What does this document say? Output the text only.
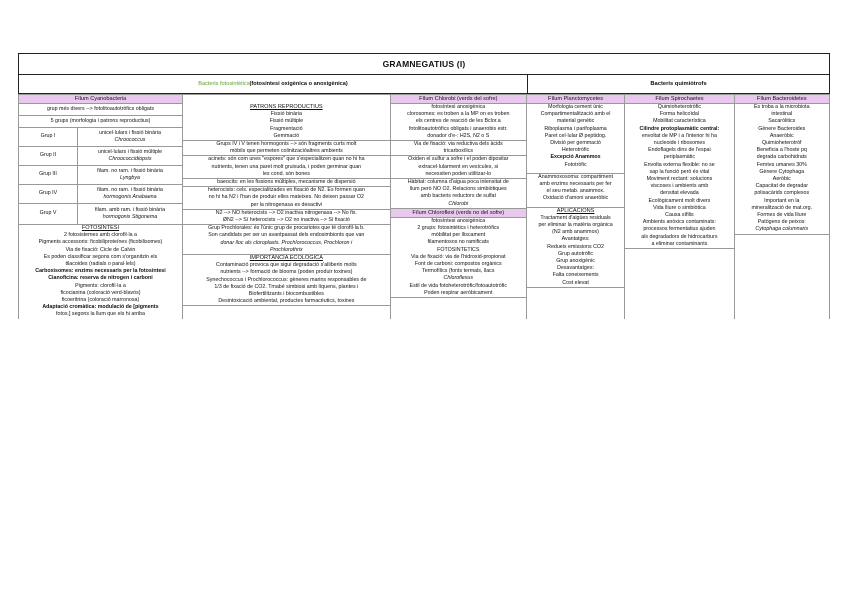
GRAMNEGATIUS (I)
Bacteris fotosintètics (fotosíntesi oxigènica o anoxigènica)	Bacteris quimiòtrofs
Fílum Cyanobacteria
grup més divers --> fotolitoautotròfics obligats
5 grups (morfologia i patrons reproductius)
Grup I
unicel·lulars i fissió binària
Chroococcus
Grup II
unicel·lulars i fissió múltiple
Chroococcidiopsis
Grup III
filam. no ram. i fissió binària
Lyngbya
Grup IV
filam. no ram. i fissió binària
hormogonis Anabaena
Grup V
filam. amb ram. i fissió binària
hormogonis Stigonema
FOTOSÍNTESI
2 fotosistemes amb clorofil·la a
Pigments accessoris: ficobiliproteïnes (ficobilisomes)
Via de fixació: Cicle de Calvin
Es poden classificar segons com s'organitzin els
tilacoides (radials o paral·lels)
Carboxisomes: enzims necessaris per la fotosíntesi
Cianoficina: reserva de nitrogen i carboni
Pigments: clorofil·la a
ficocianina (coloració verd-blavós)
ficoeritrina (coloració marronosa)
Adaptació cromàtica: modulació de [pigments
fotos.] segons la llum que els hi arriba
PATRONS REPRODUCTIUS
Fissió binària
Fissió múltiple
Fragmentació
Gemmació
Grups IV i V tenen hormogonis --> són fragments curts molt
mòbils que permeten colinitzacióaltres ambients
acinets: són com unes "espores" que s'especialitzen quan no hi ha
nutrients, tenen una paret molt gruixuda, i poden germinar quan
les cond. són bones
baeocits: en les fissions múltiples, mecanisme de dispersió
heterocists: cels. especialitzades en fixació de N2. Es formen quan
no hi ha N2 i l'han de produir elles mateixes. No deixen passar O2
per la nitrogenasa es desactivi
N2 --> NO heterocists --> O2 inactiva nitrogenasa --> No fix.
ØN2 --> Sí heterocists --> O2 no inactiva --> Sí fixació
Grup Prochlorales: és l'únic grup de procariotes que té clorofil·la b.
Son candidats per ser un avantpassat dels endosimbionts que van
donar lloc als cloroplasts. ProchIorococcus, Prochloron i
Prochlorothrix
IMPORTÀNCIA ECOLÒGICA
Contaminació provoca que sigui degradació s'alliberin molts
nutrients --> formació de blooms (poden produir toxines)
Synechococcus i Prochlorococcus: gèneres marins responsables de
1/3 de fixació de CO2. Tmabé simbiosi amb líquens, plantes i
Biofertilitzants i biocombustibles
Desintoxicació ambiental, productes farmacèutics, toxines
Fílum Chlorobi (verds del sofre)
fotosíntesi anoxigènica
clorosomes: es troben a la MP on es troben
els centres de reacció de les Bclor.a
fotolitoautotròfics obligats i anaerobis estr.
donador d'e-: H2S, N2 o S
Via de fixació: via reductiva dels àcids
tricarboxílics
Oxiden el sulfur a sofre i el poden dipositar
extracel·lularment en vesícules, si
necessiten poden utilitzar-lo
Hàbitat: columna d'aigua poca intensitat de
llum però NO O2. Relacions simbiòtiques
amb bacteris reductors de sulfat
Chlorobi
Fílum Chloroflexi (verds no del sofre)
fotosíntesi anoxigènica
2 grups: fotosintètics i heterotròfics
mòbilitat per lliscament
filamentosos no ramificats
FOTOSINTÈTICS
Via de fixació: via de l'hidroxid-propionat
Font de carboni: compostos orgànics
Termofílics (fonts termals, llacs
Chloroflexus
Estil de vida fotoheterotròfic/fotoautotròfic
Poden respirar aeròbicament
Fílum Planctomycetes
Morfologia cement únic
Compartimentalització amb el
material genètic
Riboplasma i parifoplasma
Paret cel·lular Ø peptidog.
Divisió per gemmació
Heterotròfic
Excepció Anammox
Fototròfic
Anammoxosoma: compartiment
amb enzims necessaris per fer
el seu metab. anammox.
Oxidació d'amoni anaeròbic
APLICACIONS
Tractament d'aigües residuals
per eliminar la matèria orgànica
(N2 amb anammox)
Avantatges:
Redueix emissions CO2
Grup autotròfic
Grup anoxigènic
Desavantatges:
Falta coneixements
Cost elevat
Fílum Spirochaetes
Quimioheterotròfic
Forma helicoïdal
Mobilitat característica
Cilindre protoplasmàtic central:
envoltat de MP i a l'interior hi ha
nucleoide i ribosomes
Endoflagels dins de l'espai
periplasmàtic
Envolta externa flexible: no se
sap la funció però és vital
Moviment rectant: solucions
viscoses i ambients amb
densitat elevada
Ecològicament molt divers
Vida lliure o simbiòtica
Causa sífilis
Ambients anòxics contaminats:
processos fermentatius ajuden
als degradadors de hidrocarburs
a eliminar contaminants
Fílum Bacteroidetes
Es troba a la microbiota
intestinal
Sacaròlitics
Gènere Bacteroides
Anaeròbic
Quimioheterotròf
Beneficia a l'hoste pq
degrada carbohidrats
Femtes umanes 30%
Gènere Cytophaga
Aeròbic
Capacitat de degradar
polisacàrids complexos
Important en la
mineralització de mat.org.
Formes de vida lliure
Patògens de peixos:
Cytophaga columnaris
